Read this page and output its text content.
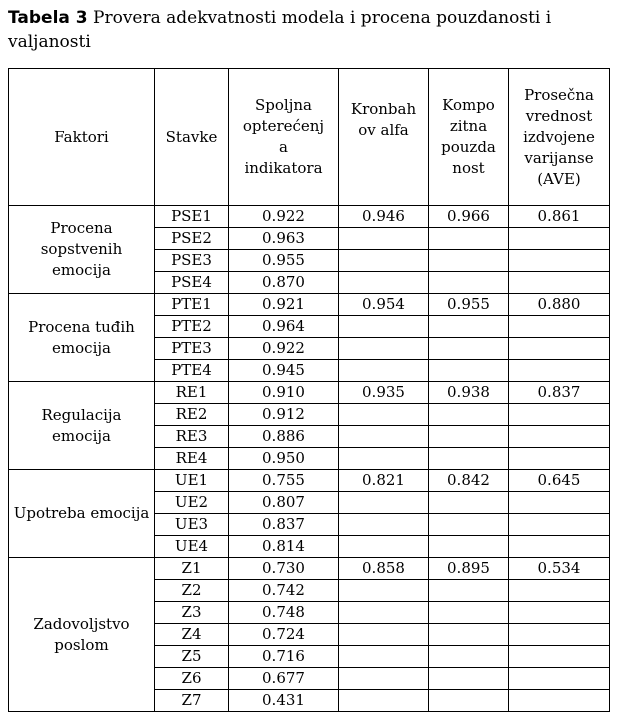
Tabela 3 Provera adekvatnosti modela i procena pouzdanosti i valjanosti
Faktori	Stavke	Spoljna opterećenj a indikatora	Kronbah ov alfa	Kompo zitna pouzda nost	Prosečna vrednost izdvojene varijanse (AVE)
Procena sopstvenih emocija	PSE1	0.922	0.946	0.966	0.861
	PSE2	0.963			
	PSE3	0.955			
	PSE4	0.870			
Procena tuđih emocija	PTE1	0.921	0.954	0.955	0.880
	PTE2	0.964			
	PTE3	0.922			
	PTE4	0.945			
Regulacija emocija	RE1	0.910	0.935	0.938	0.837
	RE2	0.912			
	RE3	0.886			
	RE4	0.950			
Upotreba emocija	UE1	0.755	0.821	0.842	0.645
	UE2	0.807			
	UE3	0.837			
	UE4	0.814			
Zadovoljstvo poslom	Z1	0.730	0.858	0.895	0.534
	Z2	0.742			
	Z3	0.748			
	Z4	0.724			
	Z5	0.716			
	Z6	0.677			
	Z7	0.431			
